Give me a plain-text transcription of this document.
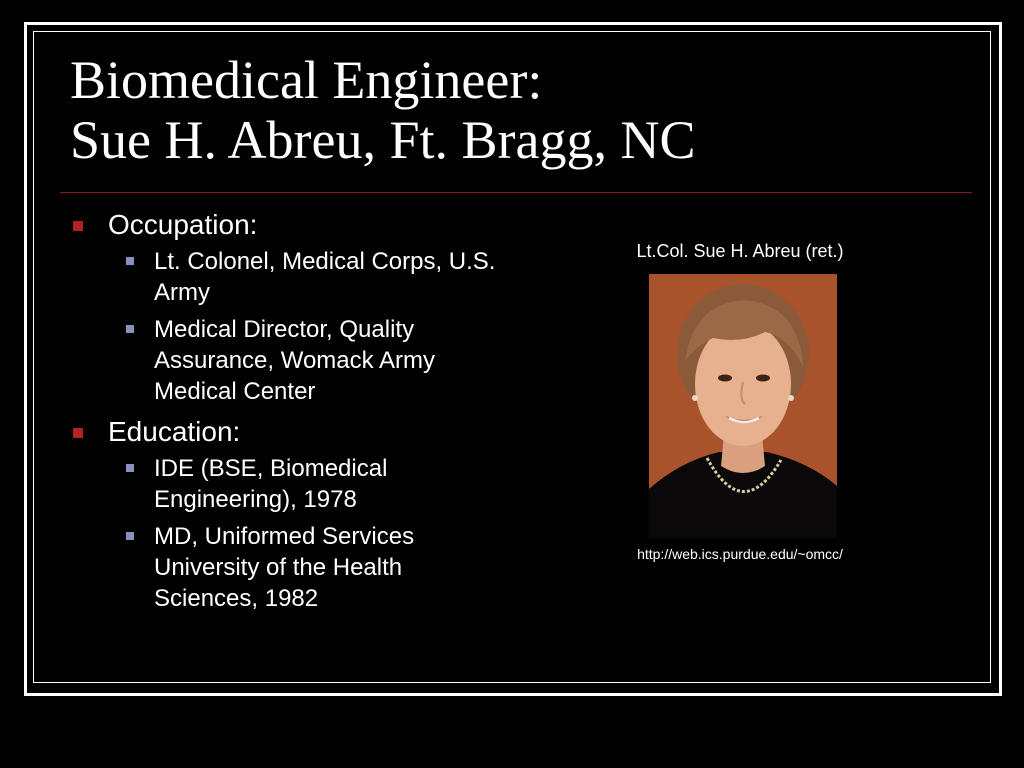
Biomedical Engineer:
Sue H. Abreu, Ft. Bragg, NC
Occupation:
Lt. Colonel, Medical Corps, U.S. Army
Medical Director, Quality Assurance, Womack Army Medical Center
Education:
IDE (BSE, Biomedical Engineering), 1978
MD, Uniformed Services University of the Health Sciences, 1982
Lt.Col. Sue H. Abreu (ret.)
http://web.ics.purdue.edu/~omcc/
